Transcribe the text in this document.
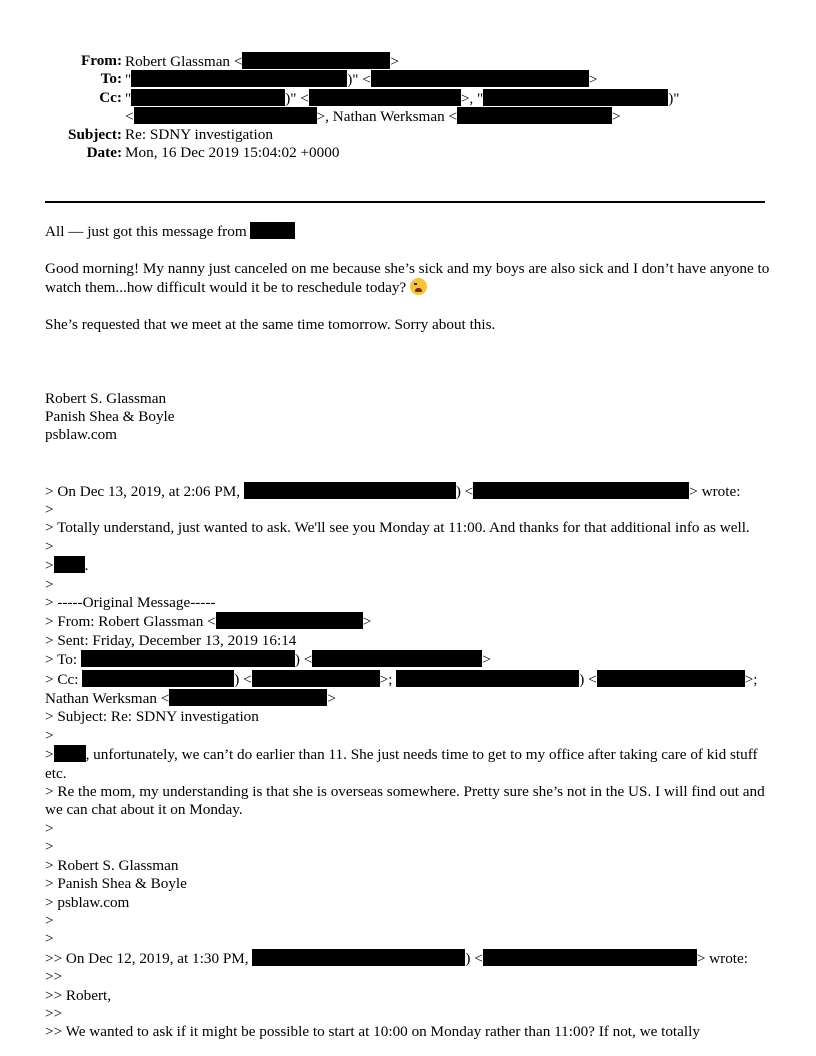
From: Robert Glassman <	>
To: "	)" <	>
Cc: "	)" <	>, "	)"
<	>, Nathan Werksman <	>
Subject: Re: SDNY investigation
Date: Mon, 16 Dec 2019 15:04:02 +0000

All — just got this message from

Good morning! My nanny just canceled on me because she’s sick and my boys are also sick and I don’t have anyone to watch them...how difficult would it be to reschedule today?

She’s requested that we meet at the same time tomorrow. Sorry about this.

Robert S. Glassman

Panish Shea & Boyle

psblaw.com

> On Dec 13, 2019, at 2:06 PM,	) <	> wrote:

>

> Totally understand, just wanted to ask. We'll see you Monday at 11:00. And thanks for that additional info as well.

>

> .

>

> -----Original Message-----

> From: Robert Glassman <	>

> Sent: Friday, December 13, 2019 16:14

> To:	) <	>

> Cc:	) <	>;	) <	>;

Nathan Werksman <	>

> Subject: Re: SDNY investigation

>

> , unfortunately, we can’t do earlier than 11. She just needs time to get to my office after taking care of kid stuff etc.

> Re the mom, my understanding is that she is overseas somewhere. Pretty sure she’s not in the US. I will find out and we can chat about it on Monday.

>

>

> Robert S. Glassman

> Panish Shea & Boyle

> psblaw.com

>

>

>> On Dec 12, 2019, at 1:30 PM,	) <	> wrote:

>>

>> Robert,

>>

>> We wanted to ask if it might be possible to start at 10:00 on Monday rather than 11:00? If not, we totally
